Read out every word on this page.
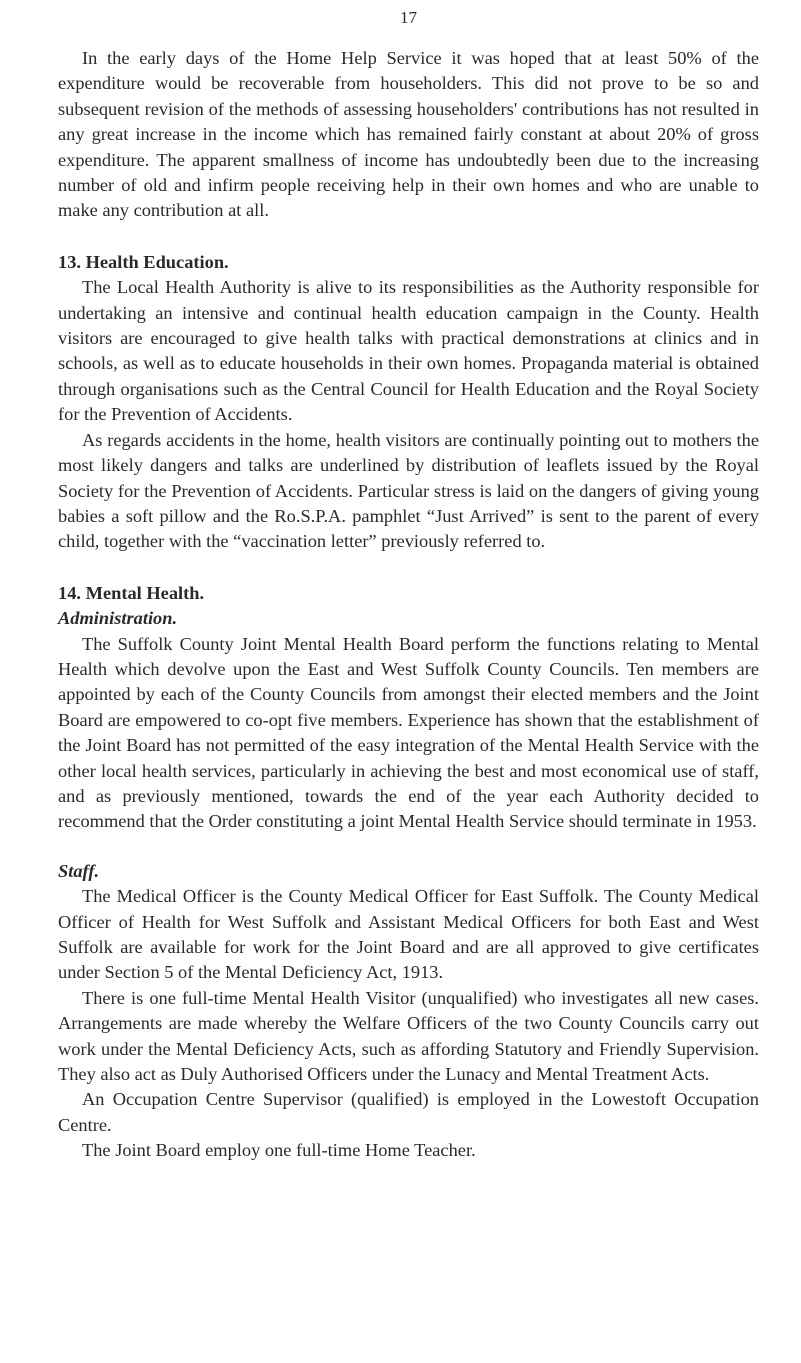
17

In the early days of the Home Help Service it was hoped that at least 50% of the expenditure would be recoverable from householders. This did not prove to be so and subsequent revision of the methods of assessing householders' contributions has not resulted in any great increase in the income which has remained fairly constant at about 20% of gross expenditure. The apparent smallness of income has undoubtedly been due to the increasing number of old and infirm people receiving help in their own homes and who are unable to make any contribution at all.

13. Health Education.

The Local Health Authority is alive to its responsibilities as the Authority responsible for undertaking an intensive and continual health education campaign in the County. Health visitors are encouraged to give health talks with practical demonstrations at clinics and in schools, as well as to educate households in their own homes. Propaganda material is obtained through organisations such as the Central Council for Health Education and the Royal Society for the Prevention of Accidents.

As regards accidents in the home, health visitors are continually pointing out to mothers the most likely dangers and talks are underlined by distribution of leaflets issued by the Royal Society for the Prevention of Accidents. Particular stress is laid on the dangers of giving young babies a soft pillow and the Ro.S.P.A. pamphlet “Just Arrived” is sent to the parent of every child, together with the “vaccination letter” previously referred to.

14. Mental Health.
Administration.

The Suffolk County Joint Mental Health Board perform the functions relating to Mental Health which devolve upon the East and West Suffolk County Councils. Ten members are appointed by each of the County Councils from amongst their elected members and the Joint Board are empowered to co-opt five members. Experience has shown that the establishment of the Joint Board has not permitted of the easy integration of the Mental Health Service with the other local health services, particularly in achieving the best and most economical use of staff, and as previously mentioned, towards the end of the year each Authority decided to recommend that the Order constituting a joint Mental Health Service should terminate in 1953.

Staff.

The Medical Officer is the County Medical Officer for East Suffolk. The County Medical Officer of Health for West Suffolk and Assistant Medical Officers for both East and West Suffolk are available for work for the Joint Board and are all approved to give certificates under Section 5 of the Mental Deficiency Act, 1913.

There is one full-time Mental Health Visitor (unqualified) who investigates all new cases. Arrangements are made whereby the Welfare Officers of the two County Councils carry out work under the Mental Deficiency Acts, such as affording Statutory and Friendly Supervision. They also act as Duly Authorised Officers under the Lunacy and Mental Treatment Acts.

An Occupation Centre Supervisor (qualified) is employed in the Lowestoft Occupation Centre.

The Joint Board employ one full-time Home Teacher.
